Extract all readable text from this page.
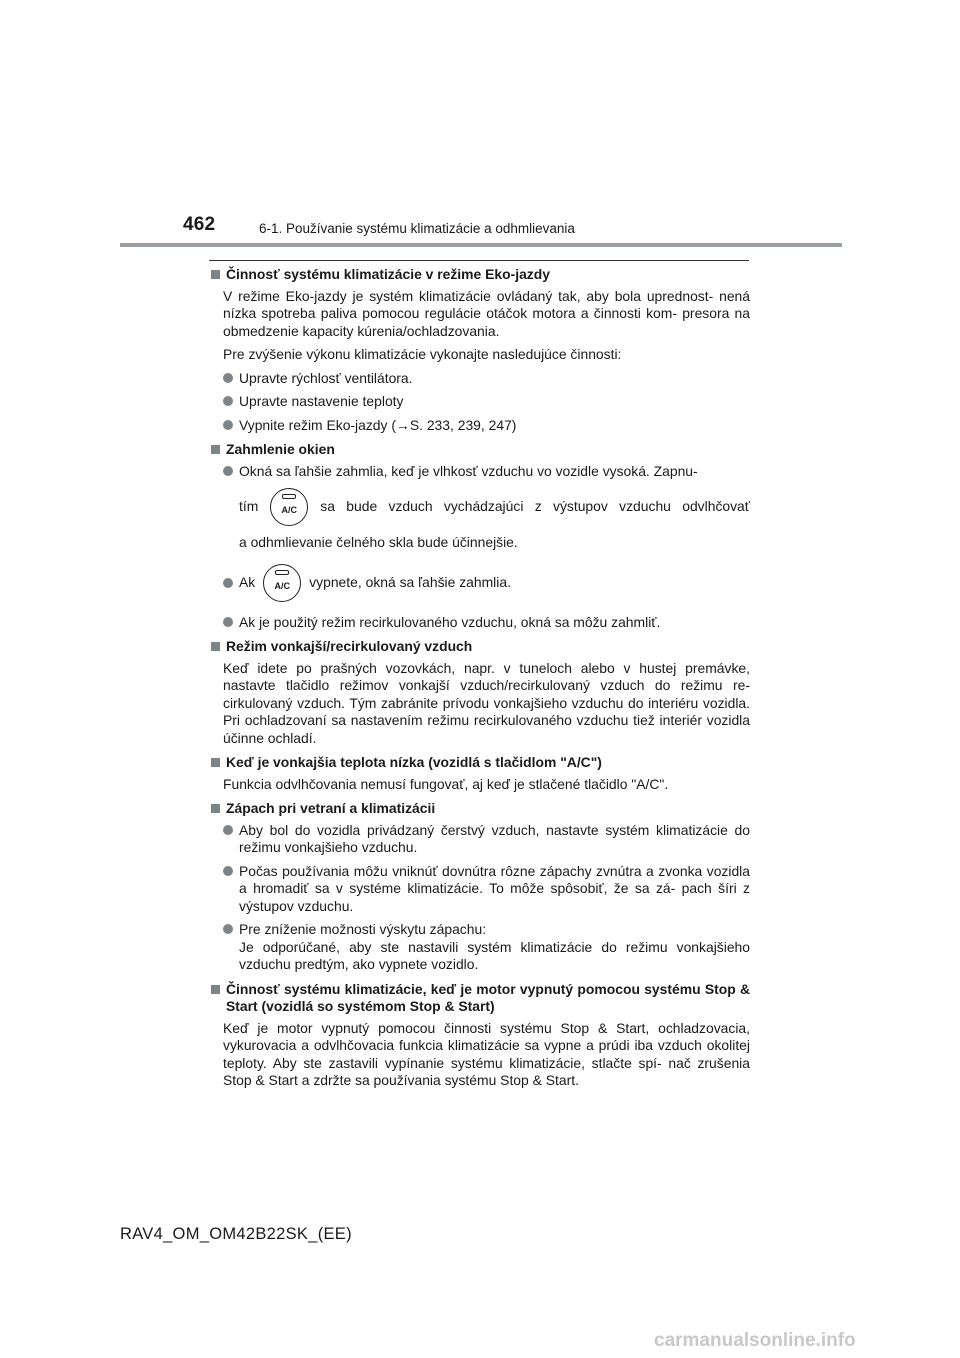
462	6-1. Používanie systému klimatizácie a odhmlievania
Činnosť systému klimatizácie v režime Eko-jazdy

V režime Eko-jazdy je systém klimatizácie ovládaný tak, aby bola uprednost- nená nízka spotreba paliva pomocou regulácie otáčok motora a činnosti kom- presora na obmedzenie kapacity kúrenia/ochladzovania.

Pre zvýšenie výkonu klimatizácie vykonajte nasledujúce činnosti:

Upravte rýchlosť ventilátora.
Upravte nastavenie teploty
Vypnite režim Eko-jazdy (→S. 233, 239, 247)
Zahmlenie okien
Okná sa ľahšie zahmlia, keď je vlhkosť vzduchu vo vozidle vysoká. Zapnu-
tím	A/C sa bude vzduch vychádzajúci z výstupov vzduchu odvlhčovať
a odhmlievanie čelného skla bude účinnejšie.
Ak A/C vypnete, okná sa ľahšie zahmlia.
Ak je použitý režim recirkulovaného vzduchu, okná sa môžu zahmliť.
Režim vonkajší/recirkulovaný vzduch

Keď idete po prašných vozovkách, napr. v tuneloch alebo v hustej premávke, nastavte tlačidlo režimov vonkajší vzduch/recirkulovaný vzduch do režimu re- cirkulovaný vzduch. Tým zabránite prívodu vonkajšieho vzduchu do interiéru vozidla. Pri ochladzovaní sa nastavením režimu recirkulovaného vzduchu tiež interiér vozidla účinne ochladí.

Keď je vonkajšia teplota nízka (vozidlá s tlačidlom "A/C")

Funkcia odvlhčovania nemusí fungovať, aj keď je stlačené tlačidlo "A/C".

Zápach pri vetraní a klimatizácii
Aby bol do vozidla privádzaný čerstvý vzduch, nastavte systém klimatizácie do režimu vonkajšieho vzduchu.
Počas používania môžu vniknúť dovnútra rôzne zápachy zvnútra a zvonka vozidla a hromadiť sa v systéme klimatizácie. To môže spôsobiť, že sa zá- pach šíri z výstupov vzduchu.
Pre zníženie možnosti výskytu zápachu:
Je odporúčané, aby ste nastavili systém klimatizácie do režimu vonkajšieho vzduchu predtým, ako vypnete vozidlo.
Činnosť systému klimatizácie, keď je motor vypnutý pomocou systému Stop & Start (vozidlá so systémom Stop & Start)

Keď je motor vypnutý pomocou činnosti systému Stop & Start, ochladzovacia, vykurovacia a odvlhčovacia funkcia klimatizácie sa vypne a prúdi iba vzduch okolitej teploty. Aby ste zastavili vypínanie systému klimatizácie, stlačte spí- nač zrušenia Stop & Start a zdržte sa používania systému Stop & Start.

RAV4_OM_OM42B22SK_(EE)
carmanualsonline.info
